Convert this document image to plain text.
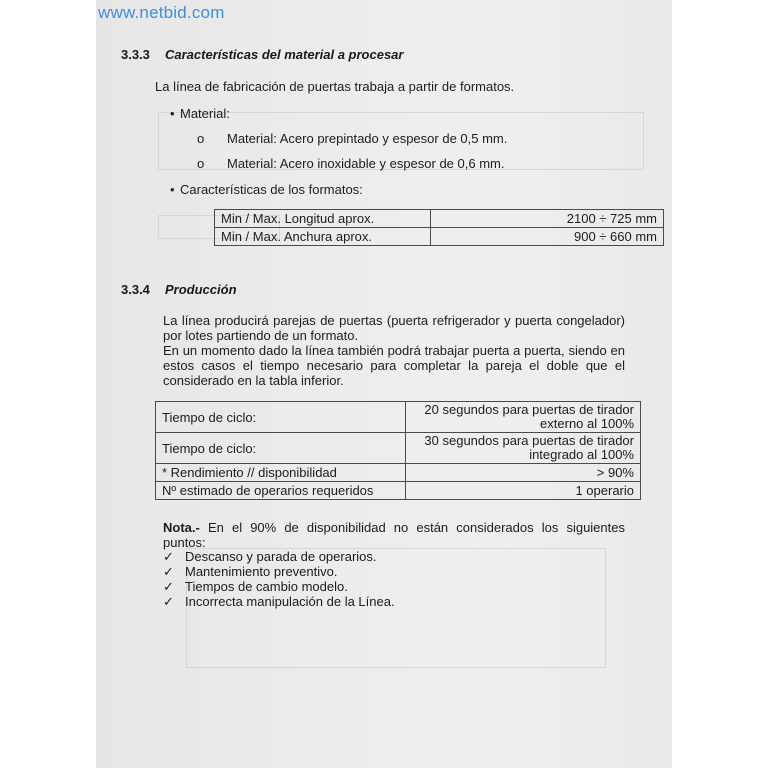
www.netbid.com
3.3.3 Características del material a procesar
La línea de fabricación de puertas trabaja a partir de formatos.
• Material:
o Material: Acero prepintado y espesor de 0,5 mm.
o Material: Acero inoxidable y espesor de 0,6 mm.
• Características de los formatos:
Min / Max. Longitud aprox.	2100 ÷ 725 mm
Min / Max. Anchura aprox.	900 ÷ 660 mm
3.3.4 Producción
La línea producirá parejas de puertas (puerta refrigerador y puerta congelador) por lotes partiendo de un formato.
En un momento dado la línea también podrá trabajar puerta a puerta, siendo en estos casos el tiempo necesario para completar la pareja el doble que el considerado en la tabla inferior.
Tiempo de ciclo:	20 segundos para puertas de tirador
externo al 100%

Tiempo de ciclo:	30 segundos para puertas de tirador
integrado al 100%

* Rendimiento // disponibilidad	> 90%
Nº estimado de operarios requeridos	1 operario
Nota.- En el 90% de disponibilidad no están considerados los siguientes puntos:
✓ Descanso y parada de operarios.
✓ Mantenimiento preventivo.
✓ Tiempos de cambio modelo.
✓ Incorrecta manipulación de la Línea.
